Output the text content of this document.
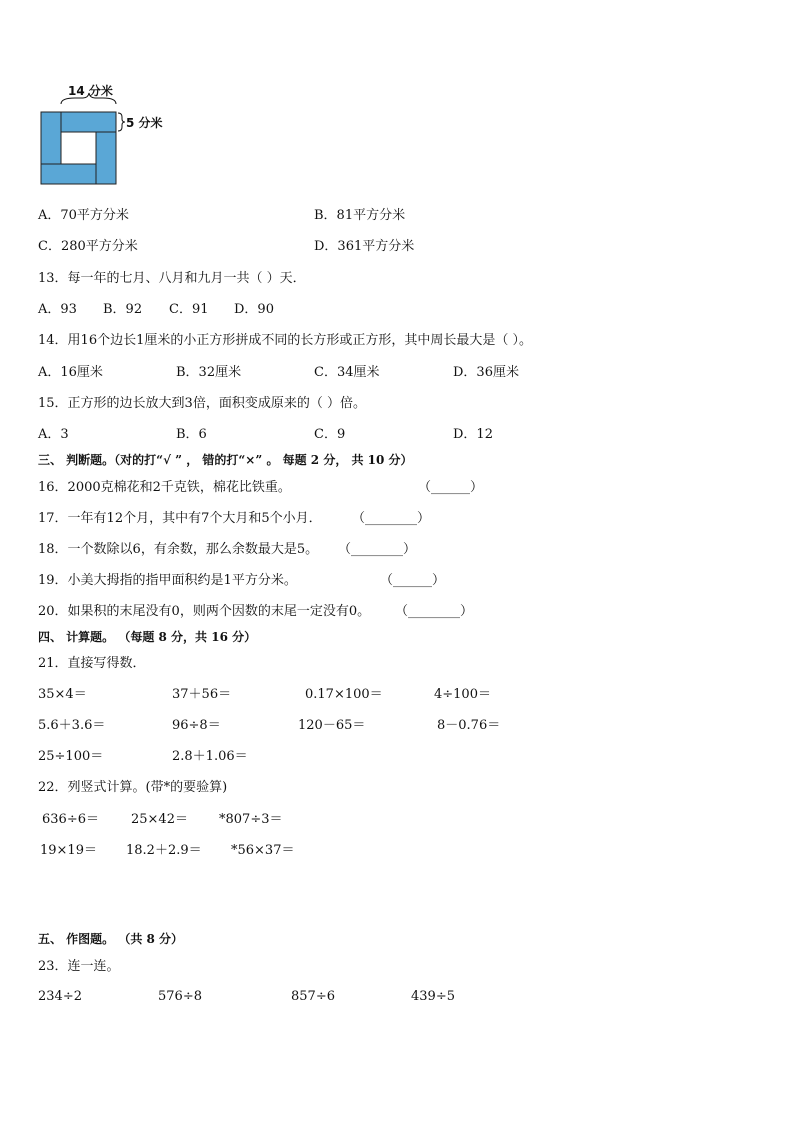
14 分米
5 分米
A．70平方分米	B．81平方分米
C．280平方分米	D．361平方分米
13．每一年的七月、八月和九月一共（ ）天．
A．93 B．92 C．91 D．90
14．用16个边长1厘米的小正方形拼成不同的长方形或正方形，其中周长最大是（ ）。
A．16厘米	B．32厘米	C．34厘米	D．36厘米
15．正方形的边长放大到3倍，面积变成原来的（ ）倍。
A．3	B．6	C．9	D．12
三、 判断题。（对的打“√ ” ， 错的打“×” 。 每题 2 分， 共 10 分）
16．2000克棉花和2千克铁，棉花比铁重。	（______）
17．一年有12个月，其中有7个大月和5个小月． （________）
18．一个数除以6，有余数，那么余数最大是5。 （________）
19．小美大拇指的指甲面积约是1平方分米。	（______）
20．如果积的末尾没有0，则两个因数的末尾一定没有0。 （________）
四、 计算题。 （每题 8 分，共 16 分）
21．直接写得数．
35×4＝	37＋56＝	0.17×100＝	4÷100＝
5.6＋3.6＝	96÷8＝	120－65＝	8－0.76＝
25÷100＝	2.8＋1.06＝
22．列竖式计算。(带*的要验算)
636÷6＝ 25×42＝ *807÷3＝
19×19＝ 18.2＋2.9＝ *56×37＝
五、 作图题。 （共 8 分）
23．连一连。
234÷2	576÷8	857÷6	439÷5
